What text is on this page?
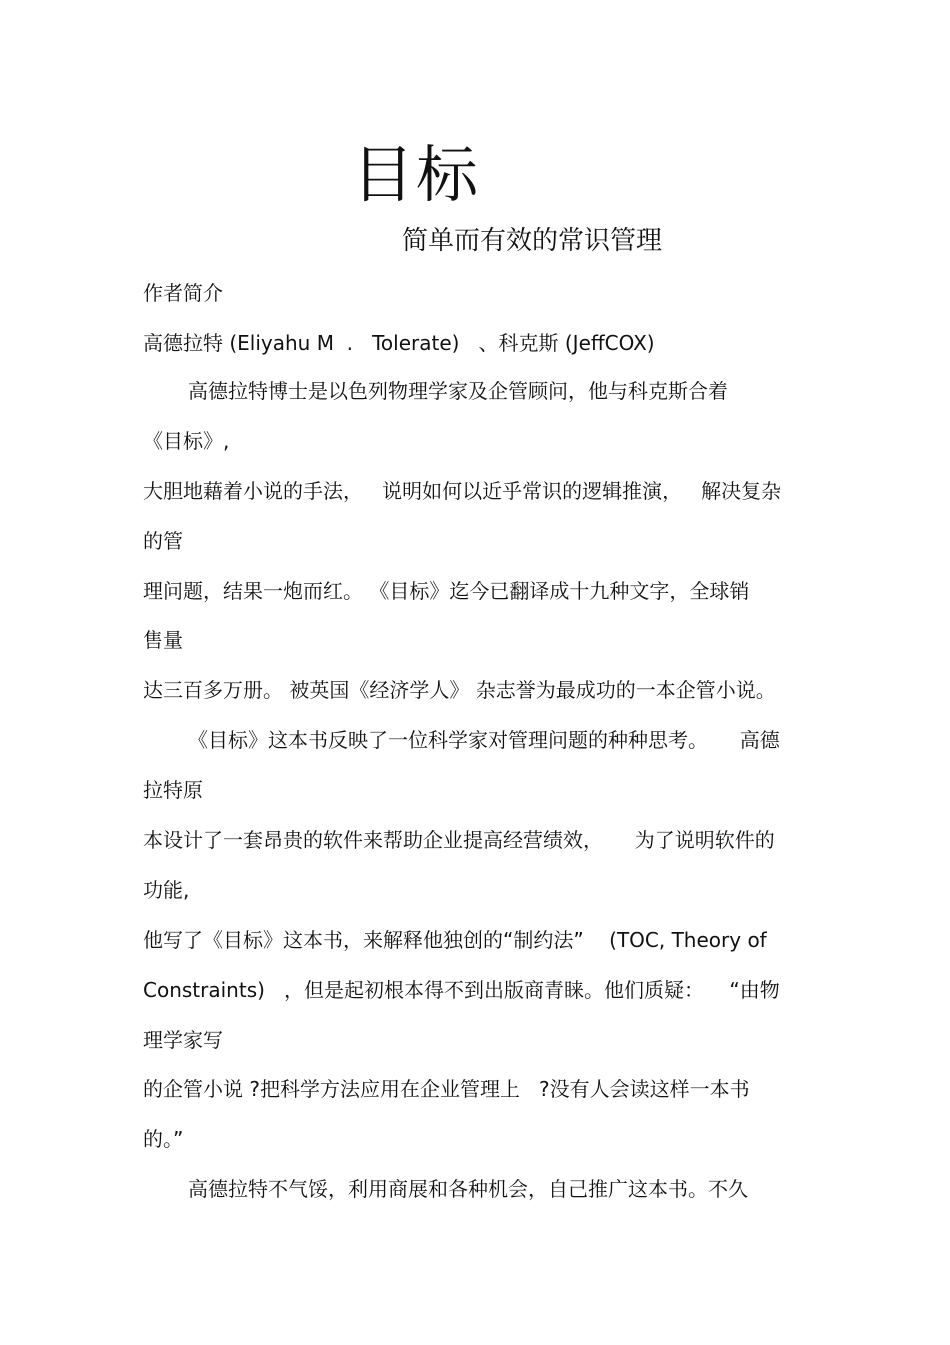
目标
简单而有效的常识管理
作者简介
高德拉特 (Eliyahu M  .   Tolerate)   、科克斯 (JeffCOX)
高德拉特博士是以色列物理学家及企管顾问，他与科克斯合着
《目标》,
大胆地藉着小说的手法，   说明如何以近乎常识的逻辑推演，   解决复杂
的管
理问题，结果一炮而红。 《目标》迄今已翻译成十九种文字，全球销
售量
达三百多万册。 被英国《经济学人》 杂志誉为最成功的一本企管小说。
《目标》这本书反映了一位科学家对管理问题的种种思考。     高德
拉特原
本设计了一套昂贵的软件来帮助企业提高经营绩效，     为了说明软件的
功能,
他写了《目标》这本书，来解释他独创的“制约法”    (TOC, Theory of
Constraints)   ，但是起初根本得不到出版商青睐。他们质疑：    “由物
理学家写
的企管小说 ?把科学方法应用在企业管理上   ?没有人会读这样一本书
的。”
高德拉特不气馁，利用商展和各种机会，自己推广这本书。不久
